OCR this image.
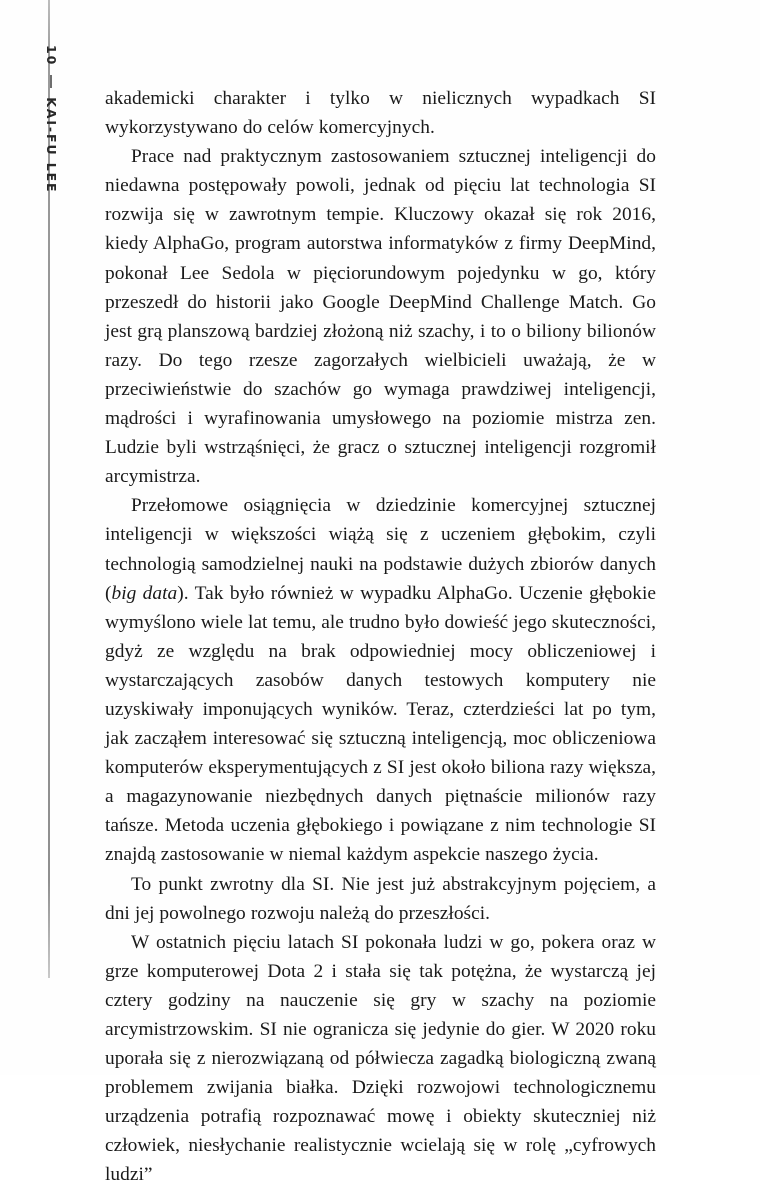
10
KAI-FU LEE akademicki charakter i tylko w nielicznych wypadkach SI wykorzystywano do celów komercyjnych.

Prace nad praktycznym zastosowaniem sztucznej inteligencji do niedawna postępowały powoli, jednak od pięciu lat technologia SI rozwija się w zawrotnym tempie. Kluczowy okazał się rok 2016, kiedy AlphaGo, program autorstwa informatyków z firmy DeepMind, pokonał Lee Sedola w pięciorundowym pojedynku w go, który przeszedł do historii jako Google DeepMind Challenge Match. Go jest grą planszową bardziej złożoną niż szachy, i to o biliony bilionów razy. Do tego rzesze zagorzałych wielbicieli uważają, że w przeciwieństwie do szachów go wymaga prawdziwej inteligencji, mądrości i wyrafinowania umysłowego na poziomie mistrza zen. Ludzie byli wstrząśnięci, że gracz o sztucznej inteligencji rozgromił arcymistrza.

Przełomowe osiągnięcia w dziedzinie komercyjnej sztucznej inteligencji w większości wiążą się z uczeniem głębokim, czyli technologią samodzielnej nauki na podstawie dużych zbiorów danych (big data). Tak było również w wypadku AlphaGo. Uczenie głębokie wymyślono wiele lat temu, ale trudno było dowieść jego skuteczności, gdyż ze względu na brak odpowiedniej mocy obliczeniowej i wystarczających zasobów danych testowych komputery nie uzyskiwały imponujących wyników. Teraz, czterdzieści lat po tym, jak zacząłem interesować się sztuczną inteligencją, moc obliczeniowa komputerów eksperymentujących z SI jest około biliona razy większa, a magazynowanie niezbędnych danych piętnaście milionów razy tańsze. Metoda uczenia głębokiego i powiązane z nim technologie SI znajdą zastosowanie w niemal każdym aspekcie naszego życia.

To punkt zwrotny dla SI. Nie jest już abstrakcyjnym pojęciem, a dni jej powolnego rozwoju należą do przeszłości.

W ostatnich pięciu latach SI pokonała ludzi w go, pokera oraz w grze komputerowej Dota 2 i stała się tak potężna, że wystarczą jej cztery godziny na nauczenie się gry w szachy na poziomie arcymistrzowskim. SI nie ogranicza się jedynie do gier. W 2020 roku uporała się z nierozwiązaną od półwiecza zagadką biologiczną zwaną problemem zwijania białka. Dzięki rozwojowi technologicznemu urządzenia potrafią rozpoznawać mowę i obiekty skuteczniej niż człowiek, niesłychanie realistycznie wcielają się w rolę „cyfrowych ludzi”
